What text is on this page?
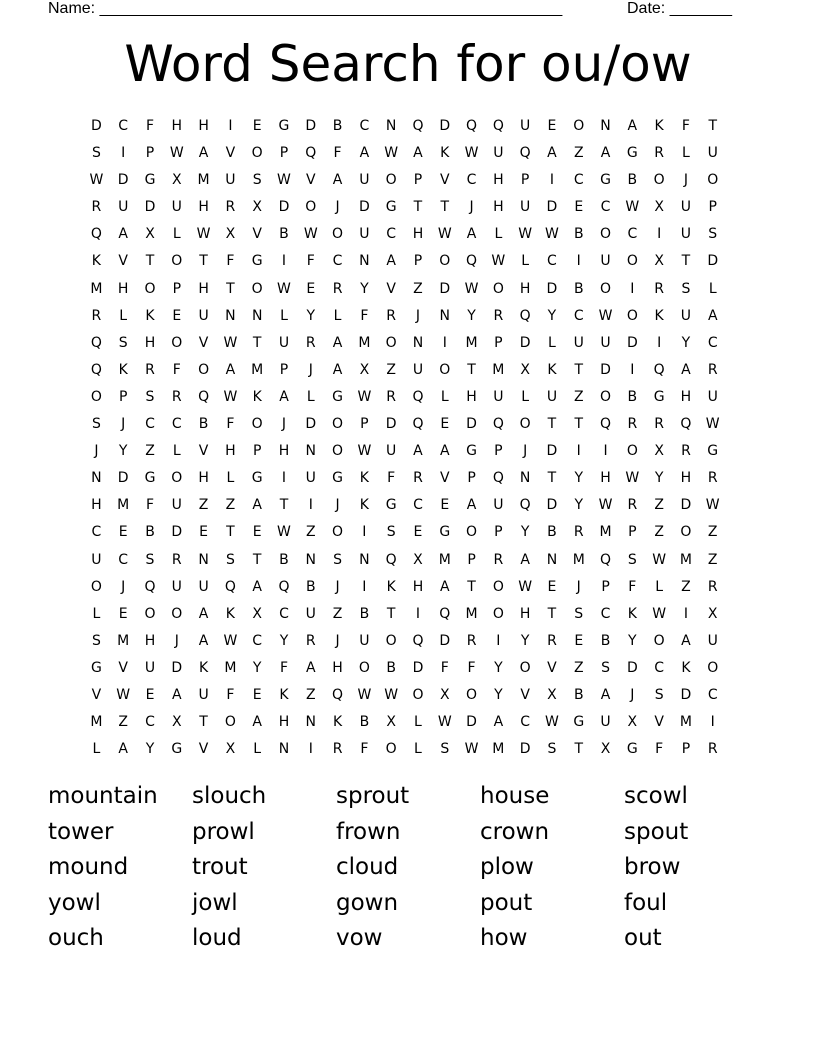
Name: ____________________________________________________	Date: _______
Word Search for ou/ow
D	C	F	H	H	I	E	G	D	B	C	N	Q	D	Q	Q	U	E	O	N	A	K	F	T
S	I	P	W	A	V	O	P	Q	F	A	W	A	K	W	U	Q	A	Z	A	G	R	L	U
W	D	G	X	M	U	S	W	V	A	U	O	P	V	C	H	P	I	C	G	B	O	J	O
R	U	D	U	H	R	X	D	O	J	D	G	T	T	J	H	U	D	E	C	W	X	U	P
Q	A	X	L	W	X	V	B	W	O	U	C	H	W	A	L	W W	B	O	C	I	U	S
K	V	T	O	T	F	G	I	F	C	N	A	P	O	Q	W	L	C	I	U	O	X	T	D
M	H	O	P	H	T	O	W	E	R	Y	V	Z	D	W	O	H	D	B	O	I	R	S	L
R	L	K	E	U	N	N	L	Y	L	F	R	J	N	Y	R	Q	Y	C	W	O	K	U	A
Q	S	H	O	V	W	T	U	R	A	M	O	N	I	M	P	D	L	U	U	D	I	Y	C
Q	K	R	F	O	A	M	P	J	A	X	Z	U	O	T	M	X	K	T	D	I	Q	A	R
O	P	S	R	Q	W	K	A	L	G	W	R	Q	L	H	U	L	U	Z	O	B	G	H	U
S	J	C	C	B	F	O	J	D	O	P	D	Q	E	D	Q	O	T	T	Q	R	R	Q	W
J	Y	Z	L	V	H	P	H	N	O	W	U	A	A	G	P	J	D	I	I	O	X	R	G
N	D	G	O	H	L	G	I	U	G	K	F	R	V	P	Q	N	T	Y	H	W	Y	H	R
H	M	F	U	Z	Z	A	T	I	J	K	G	C	E	A	U	Q	D	Y	W	R	Z	D	W
C	E	B	D	E	T	E	W	Z	O	I	S	E	G	O	P	Y	B	R	M	P	Z	O	Z
U	C	S	R	N	S	T	B	N	S	N	Q	X	M	P	R	A	N	M	Q	S	W M	Z
O	J	Q	U	U	Q	A	Q	B	J	I	K	H	A	T	O	W	E	J	P	F	L	Z	R
L	E	O	O	A	K	X	C	U	Z	B	T	I	Q	M	O	H	T	S	C	K	W	I	X
S	M	H	J	A	W	C	Y	R	J	U	O	Q	D	R	I	Y	R	E	B	Y	O	A	U
G	V	U	D	K	M	Y	F	A	H	O	B	D	F	F	Y	O	V	Z	S	D	C	K	O
V	W	E	A	U	F	E	K	Z	Q	W W	O	X	O	Y	V	X	B	A	J	S	D	C
M	Z	C	X	T	O	A	H	N	K	B	X	L	W	D	A	C	W	G	U	X	V	M	I
L	A	Y	G	V	X	L	N	I	R	F	O	L	S	W M	D	S	T	X	G	F	P	R
mountain	slouch	sprout	house	scowl
tower	prowl	frown	crown	spout
mound	trout	cloud	plow	brow
yowl	jowl	gown	pout	foul
ouch	loud	vow	how	out
